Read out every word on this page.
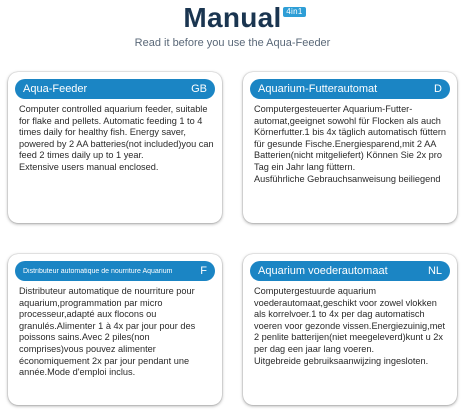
Manual 4in1
Read it before you use the Aqua-Feeder
Aqua-Feeder	GB

Computer controlled aquarium feeder, suitable for flake and pellets. Automatic feeding 1 to 4 times daily for healthy fish. Energy saver, powered by 2 AA batteries(not included)you can feed 2 times daily up to 1 year.

Extensive users manual enclosed.

Aquarium-Futterautomat	D

Computergesteuerter Aquarium-Futter-automat,geeignet sowohl für Flocken als auch Körnerfutter.1 bis 4x täglich automatisch füttern für gesunde Fische.Energiesparend,mit 2 AA Batterien(nicht mitgeliefert) Können Sie 2x pro Tag ein Jahr lang füttern.

Ausführliche Gebrauchsanweisung beiliegend

Distributeur automatique de nourriture Aquarium	F

Distributeur automatique de nourriture pour aquarium,programmation par micro processeur,adapté aux flocons ou granulés.Alimenter 1 à 4x par jour pour des poissons sains.Avec 2 piles(non comprises)vous pouvez alimenter économiquement 2x par jour pendant une année.Mode d'emploi inclus.

Aquarium voederautomaat	NL

Computergestuurde aquarium voederautomaat,geschikt voor zowel vlokken als korrelvoer.1 to 4x per dag automatisch voeren voor gezonde vissen.Energiezuinig,met 2 penlite batterijen(niet meegeleverd)kunt u 2x per dag een jaar lang voeren.

Uitgebreide gebruiksaanwijzing ingesloten.
